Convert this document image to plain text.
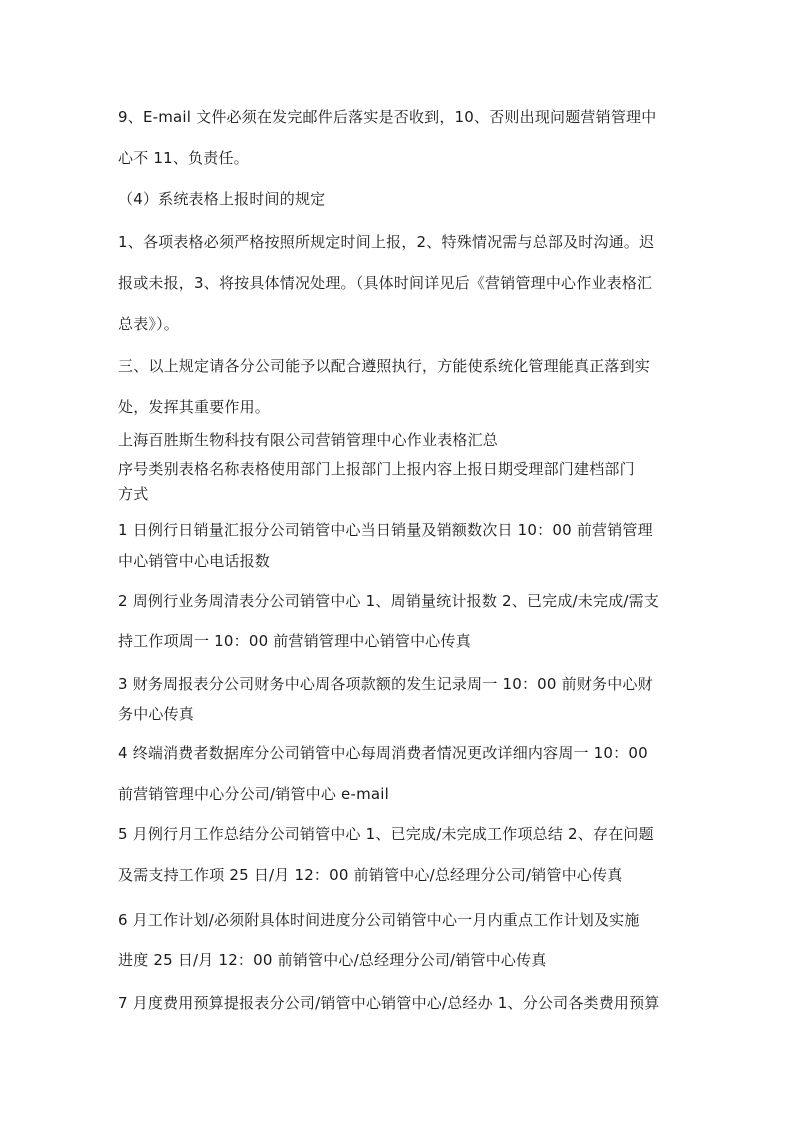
9、E-mail 文件必须在发完邮件后落实是否收到，10、否则出现问题营销管理中
心不 11、负责任。
（4）系统表格上报时间的规定
1、各项表格必须严格按照所规定时间上报，2、特殊情况需与总部及时沟通。迟
报或未报，3、将按具体情况处理。（具体时间详见后《营销管理中心作业表格汇
总表》）。
三、以上规定请各分公司能予以配合遵照执行，方能使系统化管理能真正落到实
处，发挥其重要作用。
上海百胜斯生物科技有限公司营销管理中心作业表格汇总
序号类别表格名称表格使用部门上报部门上报内容上报日期受理部门建档部门
方式
1 日例行日销量汇报分公司销管中心当日销量及销额数次日 10：00 前营销管理
中心销管中心电话报数
2 周例行业务周清表分公司销管中心 1、周销量统计报数 2、已完成/未完成/需支
持工作项周一 10：00 前营销管理中心销管中心传真
3 财务周报表分公司财务中心周各项款额的发生记录周一 10：00 前财务中心财
务中心传真
4 终端消费者数据库分公司销管中心每周消费者情况更改详细内容周一 10：00
前营销管理中心分公司/销管中心 e-mail
5 月例行月工作总结分公司销管中心 1、已完成/未完成工作项总结 2、存在问题
及需支持工作项 25 日/月 12：00 前销管中心/总经理分公司/销管中心传真
6 月工作计划/必须附具体时间进度分公司销管中心一月内重点工作计划及实施
进度 25 日/月 12：00 前销管中心/总经理分公司/销管中心传真
7 月度费用预算提报表分公司/销管中心销管中心/总经办 1、分公司各类费用预算
